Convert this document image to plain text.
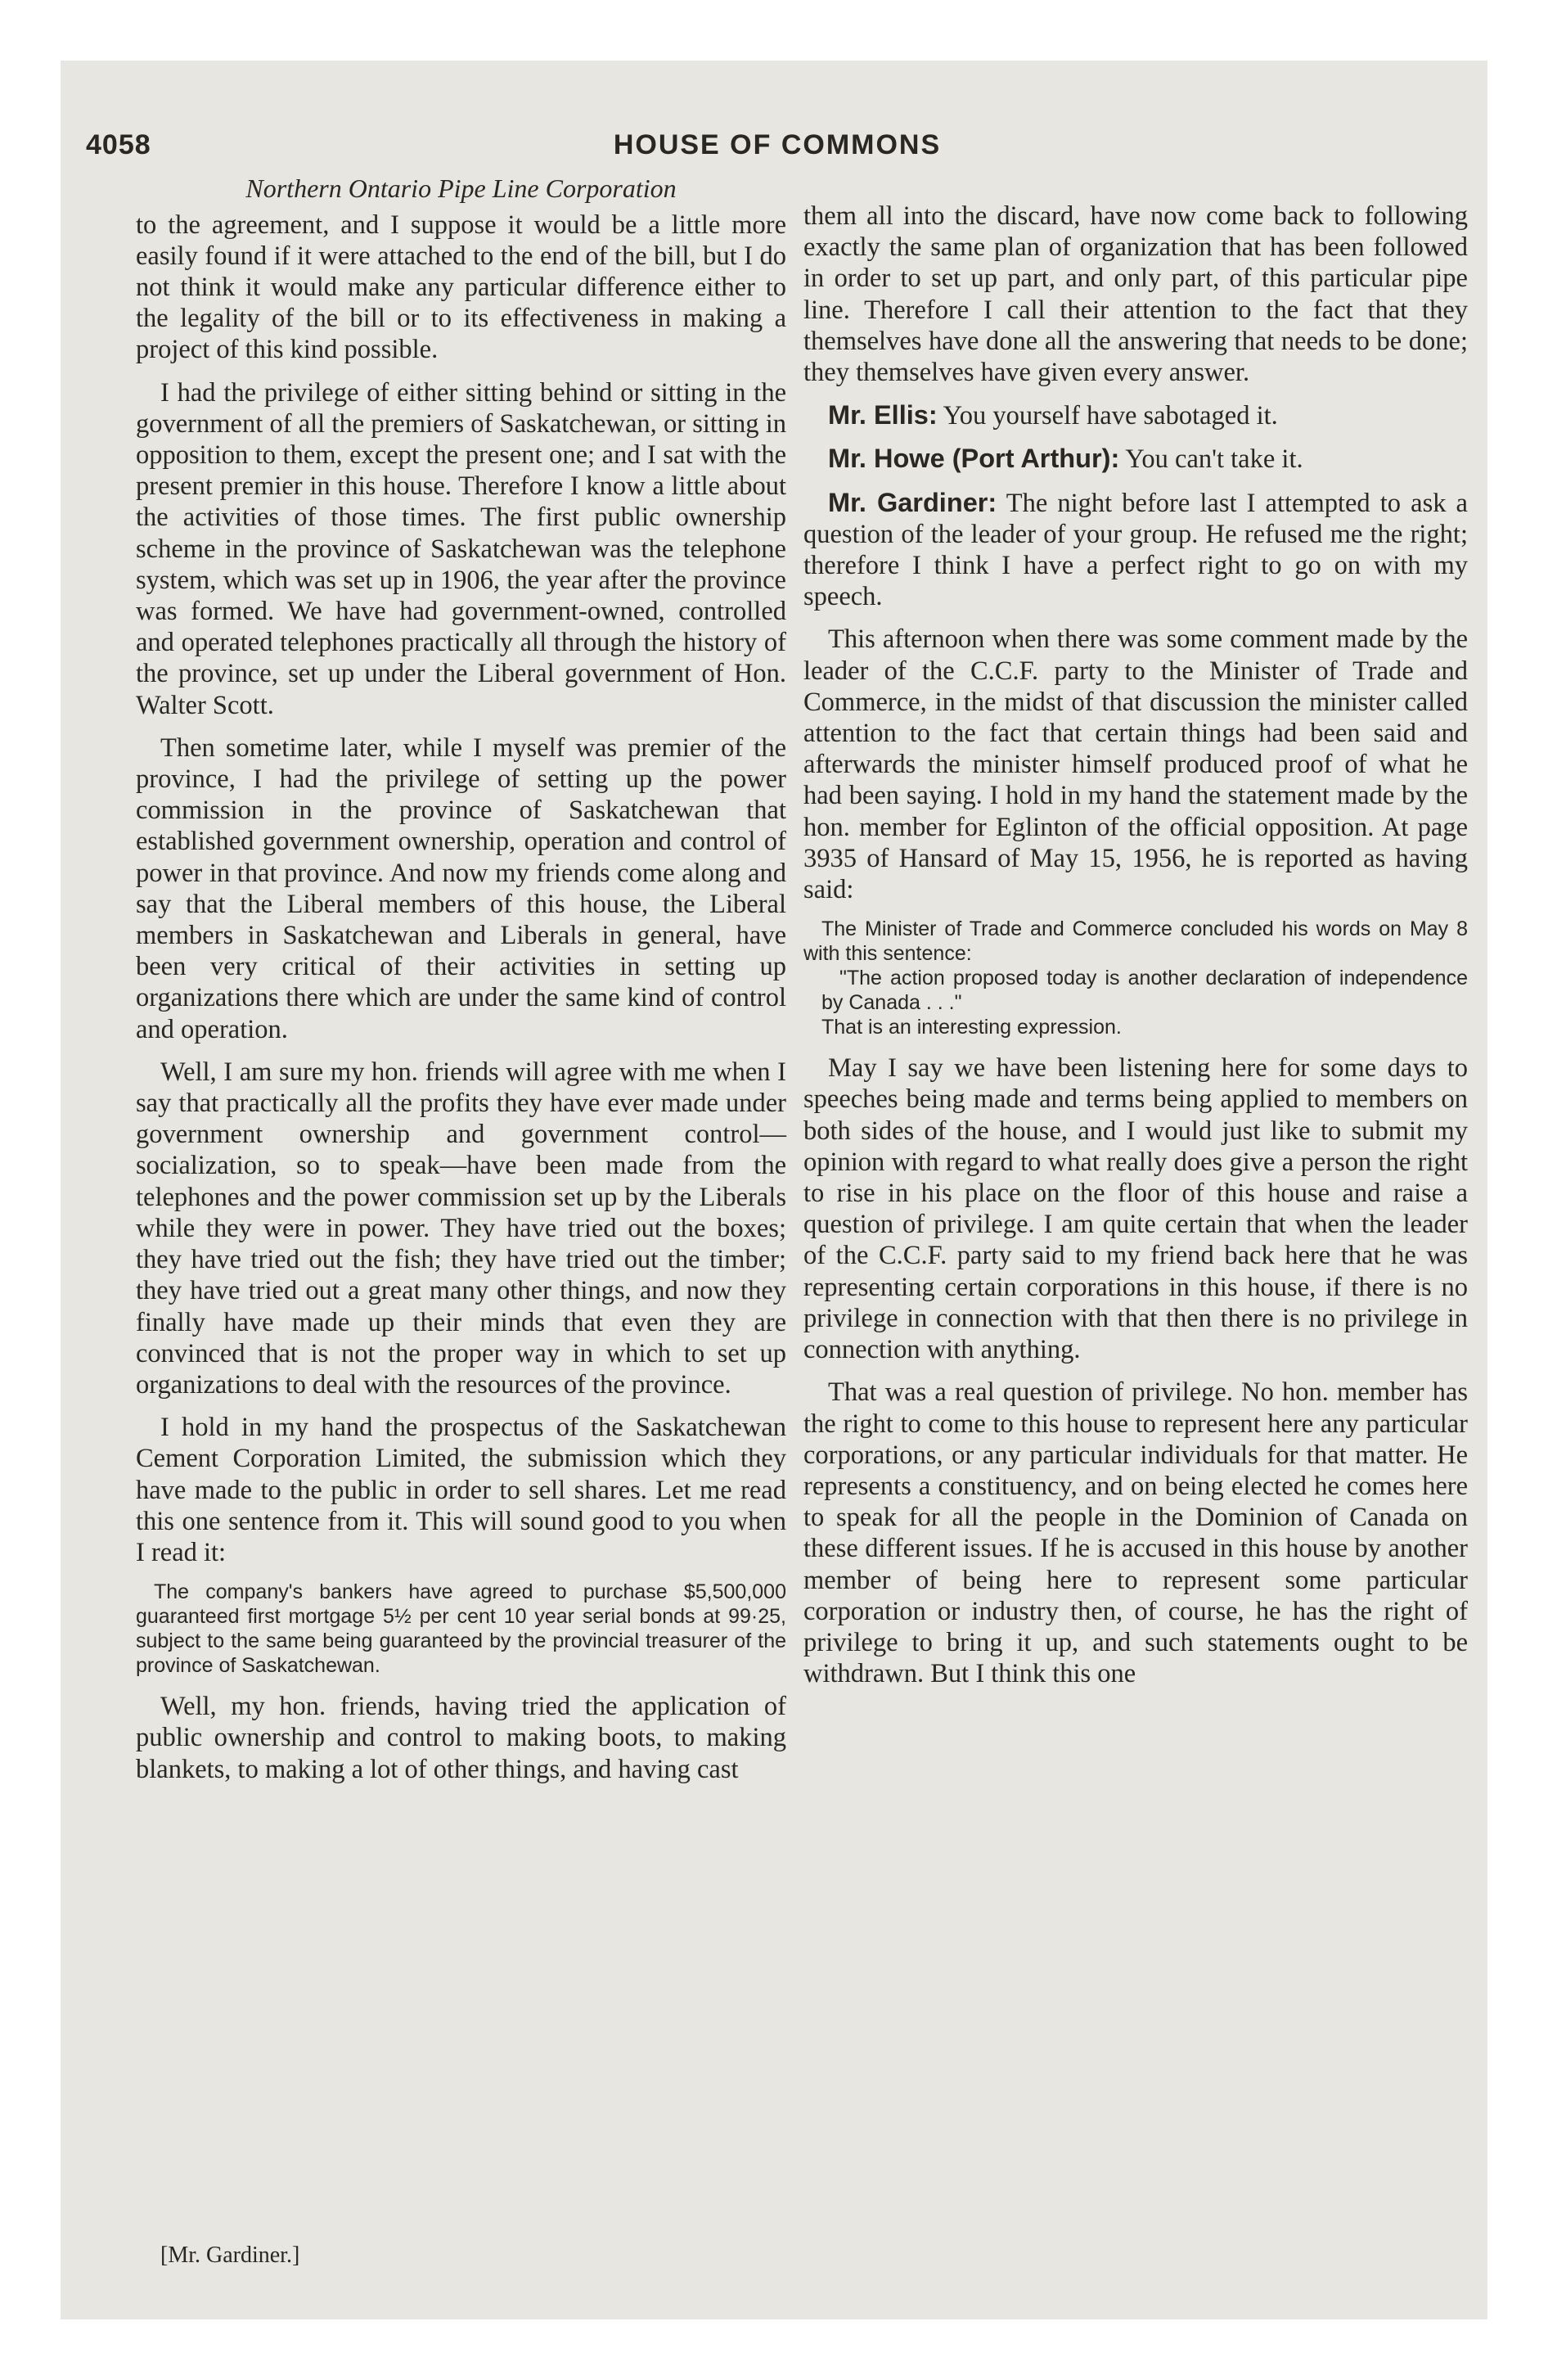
4058	HOUSE OF COMMONS
Northern Ontario Pipe Line Corporation

to the agreement, and I suppose it would be a little more easily found if it were attached to the end of the bill, but I do not think it would make any particular difference either to the legality of the bill or to its effectiveness in making a project of this kind possible.

I had the privilege of either sitting behind or sitting in the government of all the premiers of Saskatchewan, or sitting in opposition to them, except the present one; and I sat with the present premier in this house. Therefore I know a little about the activities of those times. The first public ownership scheme in the province of Saskatchewan was the telephone system, which was set up in 1906, the year after the province was formed. We have had government-owned, controlled and operated telephones practically all through the history of the province, set up under the Liberal government of Hon. Walter Scott.

Then sometime later, while I myself was premier of the province, I had the privilege of setting up the power commission in the province of Saskatchewan that established government ownership, operation and control of power in that province. And now my friends come along and say that the Liberal members of this house, the Liberal members in Saskatchewan and Liberals in general, have been very critical of their activities in setting up organizations there which are under the same kind of control and operation.

Well, I am sure my hon. friends will agree with me when I say that practically all the profits they have ever made under government ownership and government control—socialization, so to speak—have been made from the telephones and the power commission set up by the Liberals while they were in power. They have tried out the boxes; they have tried out the fish; they have tried out the timber; they have tried out a great many other things, and now they finally have made up their minds that even they are convinced that is not the proper way in which to set up organizations to deal with the resources of the province.

I hold in my hand the prospectus of the Saskatchewan Cement Corporation Limited, the submission which they have made to the public in order to sell shares. Let me read this one sentence from it. This will sound good to you when I read it:

The company's bankers have agreed to purchase $5,500,000 guaranteed first mortgage 5½ per cent 10 year serial bonds at 99·25, subject to the same being guaranteed by the provincial treasurer of the province of Saskatchewan.

Well, my hon. friends, having tried the application of public ownership and control to making boots, to making blankets, to making a lot of other things, and having cast

[Mr. Gardiner.]

them all into the discard, have now come back to following exactly the same plan of organization that has been followed in order to set up part, and only part, of this particular pipe line. Therefore I call their attention to the fact that they themselves have done all the answering that needs to be done; they themselves have given every answer.

Mr. Ellis: You yourself have sabotaged it.

Mr. Howe (Port Arthur): You can't take it.

Mr. Gardiner: The night before last I attempted to ask a question of the leader of your group. He refused me the right; therefore I think I have a perfect right to go on with my speech.

This afternoon when there was some comment made by the leader of the C.C.F. party to the Minister of Trade and Commerce, in the midst of that discussion the minister called attention to the fact that certain things had been said and afterwards the minister himself produced proof of what he had been saying. I hold in my hand the statement made by the hon. member for Eglinton of the official opposition. At page 3935 of Hansard of May 15, 1956, he is reported as having said:

The Minister of Trade and Commerce concluded his words on May 8 with this sentence:

"The action proposed today is another declaration of independence by Canada . . ."

That is an interesting expression.

May I say we have been listening here for some days to speeches being made and terms being applied to members on both sides of the house, and I would just like to submit my opinion with regard to what really does give a person the right to rise in his place on the floor of this house and raise a question of privilege. I am quite certain that when the leader of the C.C.F. party said to my friend back here that he was representing certain corporations in this house, if there is no privilege in connection with that then there is no privilege in connection with anything.

That was a real question of privilege. No hon. member has the right to come to this house to represent here any particular corporations, or any particular individuals for that matter. He represents a constituency, and on being elected he comes here to speak for all the people in the Dominion of Canada on these different issues. If he is accused in this house by another member of being here to represent some particular corporation or industry then, of course, he has the right of privilege to bring it up, and such statements ought to be withdrawn. But I think this one
